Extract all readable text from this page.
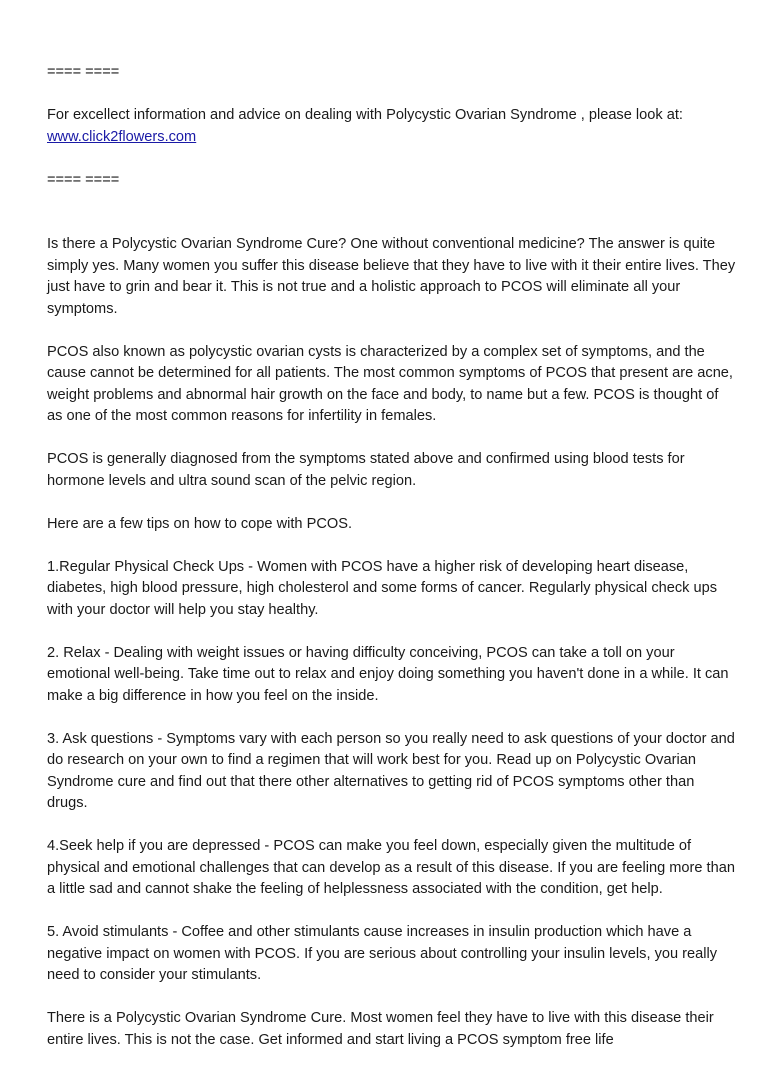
==== ====

For excellect information and advice on dealing with Polycystic Ovarian Syndrome , please look at:
www.click2flowers.com

==== ====

Is there a Polycystic Ovarian Syndrome Cure? One without conventional medicine? The answer is quite simply yes. Many women you suffer this disease believe that they have to live with it their entire lives. They just have to grin and bear it. This is not true and a holistic approach to PCOS will eliminate all your symptoms.

PCOS also known as polycystic ovarian cysts is characterized by a complex set of symptoms, and the cause cannot be determined for all patients. The most common symptoms of PCOS that present are acne, weight problems and abnormal hair growth on the face and body, to name but a few. PCOS is thought of as one of the most common reasons for infertility in females.

PCOS is generally diagnosed from the symptoms stated above and confirmed using blood tests for hormone levels and ultra sound scan of the pelvic region.

Here are a few tips on how to cope with PCOS.

1.Regular Physical Check Ups - Women with PCOS have a higher risk of developing heart disease, diabetes, high blood pressure, high cholesterol and some forms of cancer. Regularly physical check ups with your doctor will help you stay healthy.

2. Relax - Dealing with weight issues or having difficulty conceiving, PCOS can take a toll on your emotional well-being. Take time out to relax and enjoy doing something you haven't done in a while. It can make a big difference in how you feel on the inside.

3. Ask questions - Symptoms vary with each person so you really need to ask questions of your doctor and do research on your own to find a regimen that will work best for you. Read up on Polycystic Ovarian Syndrome cure and find out that there other alternatives to getting rid of PCOS symptoms other than drugs.

4.Seek help if you are depressed - PCOS can make you feel down, especially given the multitude of physical and emotional challenges that can develop as a result of this disease. If you are feeling more than a little sad and cannot shake the feeling of helplessness associated with the condition, get help.

5. Avoid stimulants - Coffee and other stimulants cause increases in insulin production which have a negative impact on women with PCOS. If you are serious about controlling your insulin levels, you really need to consider your stimulants.

There is a Polycystic Ovarian Syndrome Cure. Most women feel they have to live with this disease their entire lives. This is not the case. Get informed and start living a PCOS symptom free life
